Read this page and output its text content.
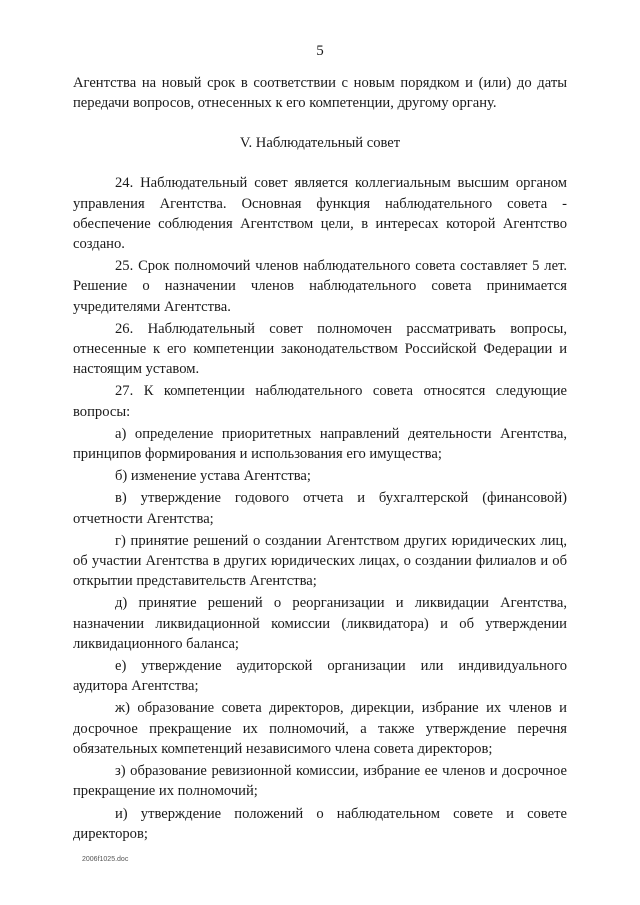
5

Агентства на новый срок в соответствии с новым порядком и (или) до даты передачи вопросов, отнесенных к его компетенции, другому органу.

V. Наблюдательный совет

24. Наблюдательный совет является коллегиальным высшим органом управления Агентства. Основная функция наблюдательного совета - обеспечение соблюдения Агентством цели, в интересах которой Агентство создано.

25. Срок полномочий членов наблюдательного совета составляет 5 лет. Решение о назначении членов наблюдательного совета принимается учредителями Агентства.

26. Наблюдательный совет полномочен рассматривать вопросы, отнесенные к его компетенции законодательством Российской Федерации и настоящим уставом.

27. К компетенции наблюдательного совета относятся следующие вопросы:

а) определение приоритетных направлений деятельности Агентства, принципов формирования и использования его имущества;

б) изменение устава Агентства;

в) утверждение годового отчета и бухгалтерской (финансовой) отчетности Агентства;

г) принятие решений о создании Агентством других юридических лиц, об участии Агентства в других юридических лицах, о создании филиалов и об открытии представительств Агентства;

д) принятие решений о реорганизации и ликвидации Агентства, назначении ликвидационной комиссии (ликвидатора) и об утверждении ликвидационного баланса;

е) утверждение аудиторской организации или индивидуального аудитора Агентства;

ж) образование совета директоров, дирекции, избрание их членов и досрочное прекращение их полномочий, а также утверждение перечня обязательных компетенций независимого члена совета директоров;

з) образование ревизионной комиссии, избрание ее членов и досрочное прекращение их полномочий;

и) утверждение положений о наблюдательном совете и совете директоров;

2006f1025.doc
